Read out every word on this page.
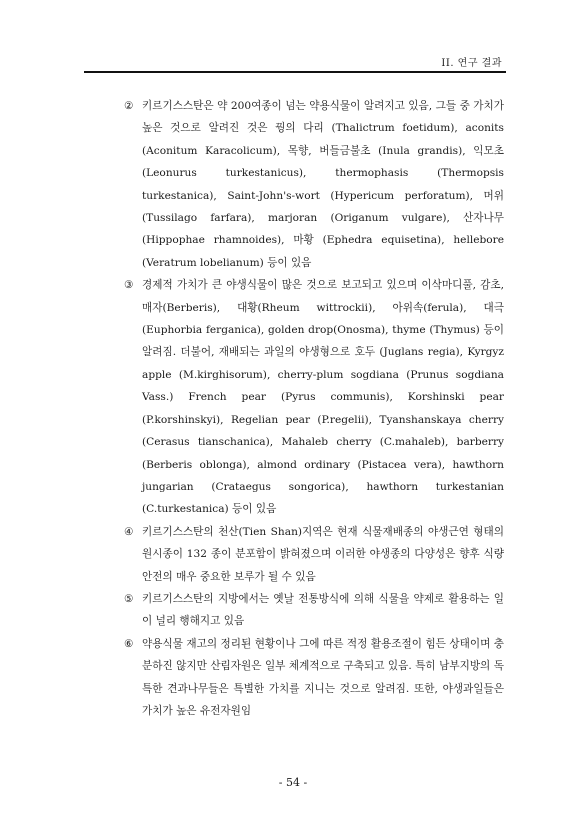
II. 연구 결과
② 키르기스스탄은 약 200여종이 넘는 약용식물이 알려지고 있음, 그들 중 가치가 높은 것으로 알려진 것은 꿩의 다리 (Thalictrum foetidum), aconits (Aconitum Karacolicum), 목향, 버들금불초 (Inula grandis), 익모초 (Leonurus turkestanicus), thermophasis (Thermopsis turkestanica), Saint-John's-wort (Hypericum perforatum), 머위 (Tussilago farfara), marjoran (Origanum vulgare), 산자나무 (Hippophae rhamnoides), 마황 (Ephedra equisetina), hellebore (Veratrum lobelianum) 등이 있음
③ 경제적 가치가 큰 야생식물이 많은 것으로 보고되고 있으며 이삭마디풀, 감초, 매자(Berberis), 대황(Rheum wittrockii), 아위속(ferula), 대극 (Euphorbia ferganica), golden drop(Onosma), thyme (Thymus) 등이 알려짐. 더불어, 재배되는 과일의 야생형으로 호두 (Juglans regia), Kyrgyz apple (M.kirghisorum), cherry-plum sogdiana (Prunus sogdiana Vass.) French pear (Pyrus communis), Korshinski pear (P.korshinskyi), Regelian pear (P.regelii), Tyanshanskaya cherry (Cerasus tianschanica), Mahaleb cherry (C.mahaleb), barberry (Berberis oblonga), almond ordinary (Pistacea vera), hawthorn jungarian (Crataegus songorica), hawthorn turkestanian (C.turkestanica) 등이 있음
④ 키르기스스탄의 천산(Tien Shan)지역은 현재 식물재배종의 야생근연 형태의 원시종이 132 종이 분포함이 밝혀졌으며 이러한 야생종의 다양성은 향후 식량안전의 매우 중요한 보루가 될 수 있음
⑤ 키르기스스탄의 지방에서는 옛날 전통방식에 의해 식물을 약제로 활용하는 일이 널리 행해지고 있음
⑥ 약용식물 재고의 정리된 현황이나 그에 따른 적정 활용조절이 힘든 상태이며 충분하진 않지만 산림자원은 일부 체계적으로 구축되고 있음. 특히 남부지방의 독특한 견과나무들은 특별한 가치를 지니는 것으로 알려짐. 또한, 야생과일들은 가치가 높은 유전자원임
- 54 -
